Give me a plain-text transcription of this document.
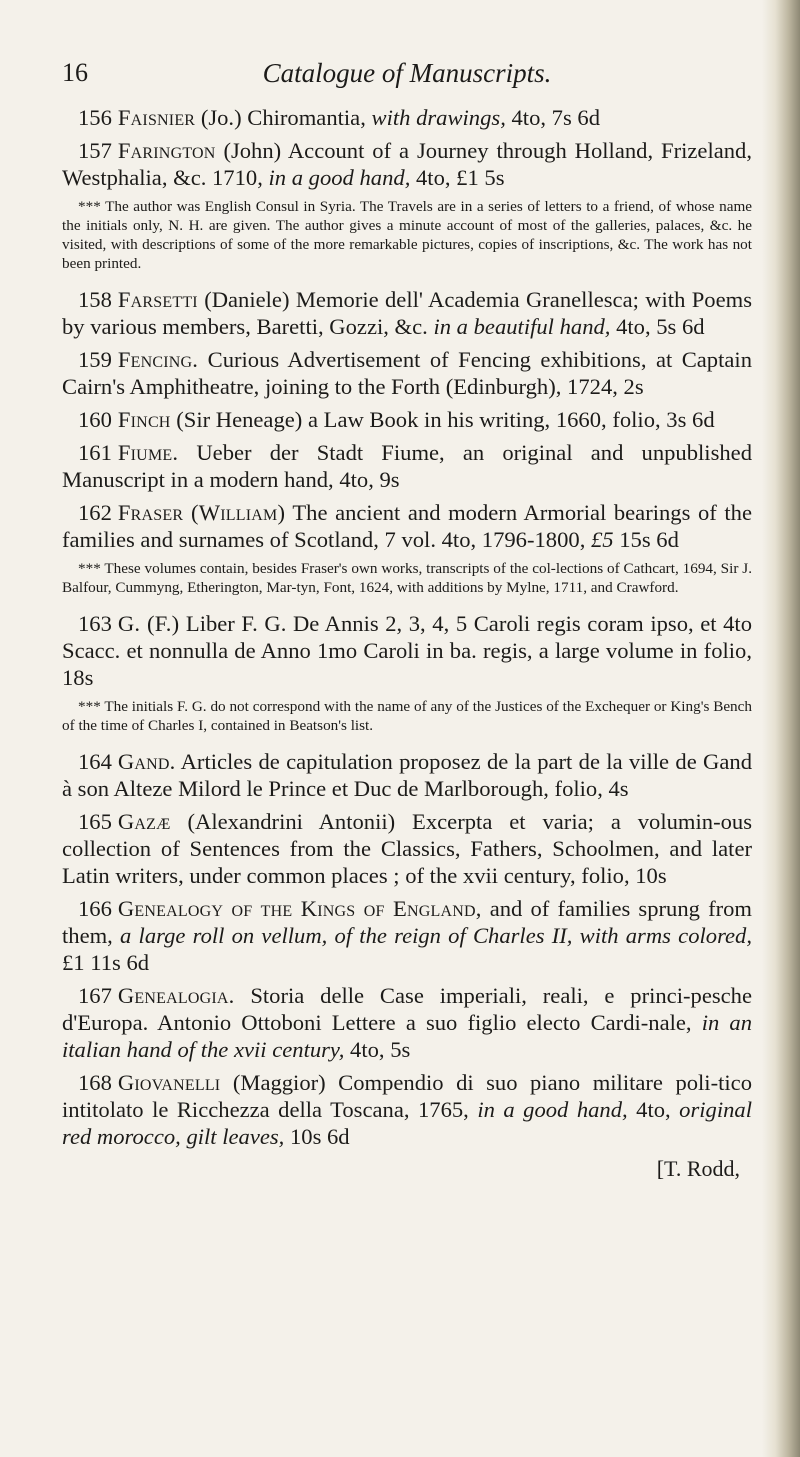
Catalogue of Manuscripts.
16

156 Faisnier (Jo.) Chiromantia, with drawings, 4to, 7s 6d

157 Farington (John) Account of a Journey through Holland, Frizeland, Westphalia, &c. 1710, in a good hand, 4to, £1 5s

*** The author was English Consul in Syria. The Travels are in a series of letters to a friend, of whose name the initials only, N. H. are given. The author gives a minute account of most of the galleries, palaces, &c. he visited, with descriptions of some of the more remarkable pictures, copies of inscriptions, &c. The work has not been printed.

158 Farsetti (Daniele) Memorie dell' Academia Granellesca; with Poems by various members, Baretti, Gozzi, &c. in a beautiful hand, 4to, 5s 6d

159 Fencing. Curious Advertisement of Fencing exhibitions, at Captain Cairn's Amphitheatre, joining to the Forth (Edinburgh), 1724, 2s

160 Finch (Sir Heneage) a Law Book in his writing, 1660, folio, 3s 6d

161 Fiume. Ueber der Stadt Fiume, an original and unpublished Manuscript in a modern hand, 4to, 9s

162 Fraser (William) The ancient and modern Armorial bearings of the families and surnames of Scotland, 7 vol. 4to, 1796-1800, £5 15s 6d

*** These volumes contain, besides Fraser's own works, transcripts of the col-lections of Cathcart, 1694, Sir J. Balfour, Cummyng, Etherington, Mar-tyn, Font, 1624, with additions by Mylne, 1711, and Crawford.

163 G. (F.) Liber F. G. De Annis 2, 3, 4, 5 Caroli regis coram ipso, et 4to Scacc. et nonnulla de Anno 1mo Caroli in ba. regis, a large volume in folio, 18s

*** The initials F. G. do not correspond with the name of any of the Justices of the Exchequer or King's Bench of the time of Charles I, contained in Beatson's list.

164 Gand. Articles de capitulation proposez de la part de la ville de Gand à son Alteze Milord le Prince et Duc de Marlborough, folio, 4s

165 Gazæ (Alexandrini Antonii) Excerpta et varia; a volumin-ous collection of Sentences from the Classics, Fathers, Schoolmen, and later Latin writers, under common places ; of the xvii century, folio, 10s

166 Genealogy of the Kings of England, and of families sprung from them, a large roll on vellum, of the reign of Charles II, with arms colored, £1 11s 6d

167 Genealogia. Storia delle Case imperiali, reali, e princi-pesche d'Europa. Antonio Ottoboni Lettere a suo figlio electo Cardi-nale, in an italian hand of the xvii century, 4to, 5s

168 Giovanelli (Maggior) Compendio di suo piano militare poli-tico intitolato le Ricchezza della Toscana, 1765, in a good hand, 4to, original red morocco, gilt leaves, 10s 6d

[T. Rodd,
